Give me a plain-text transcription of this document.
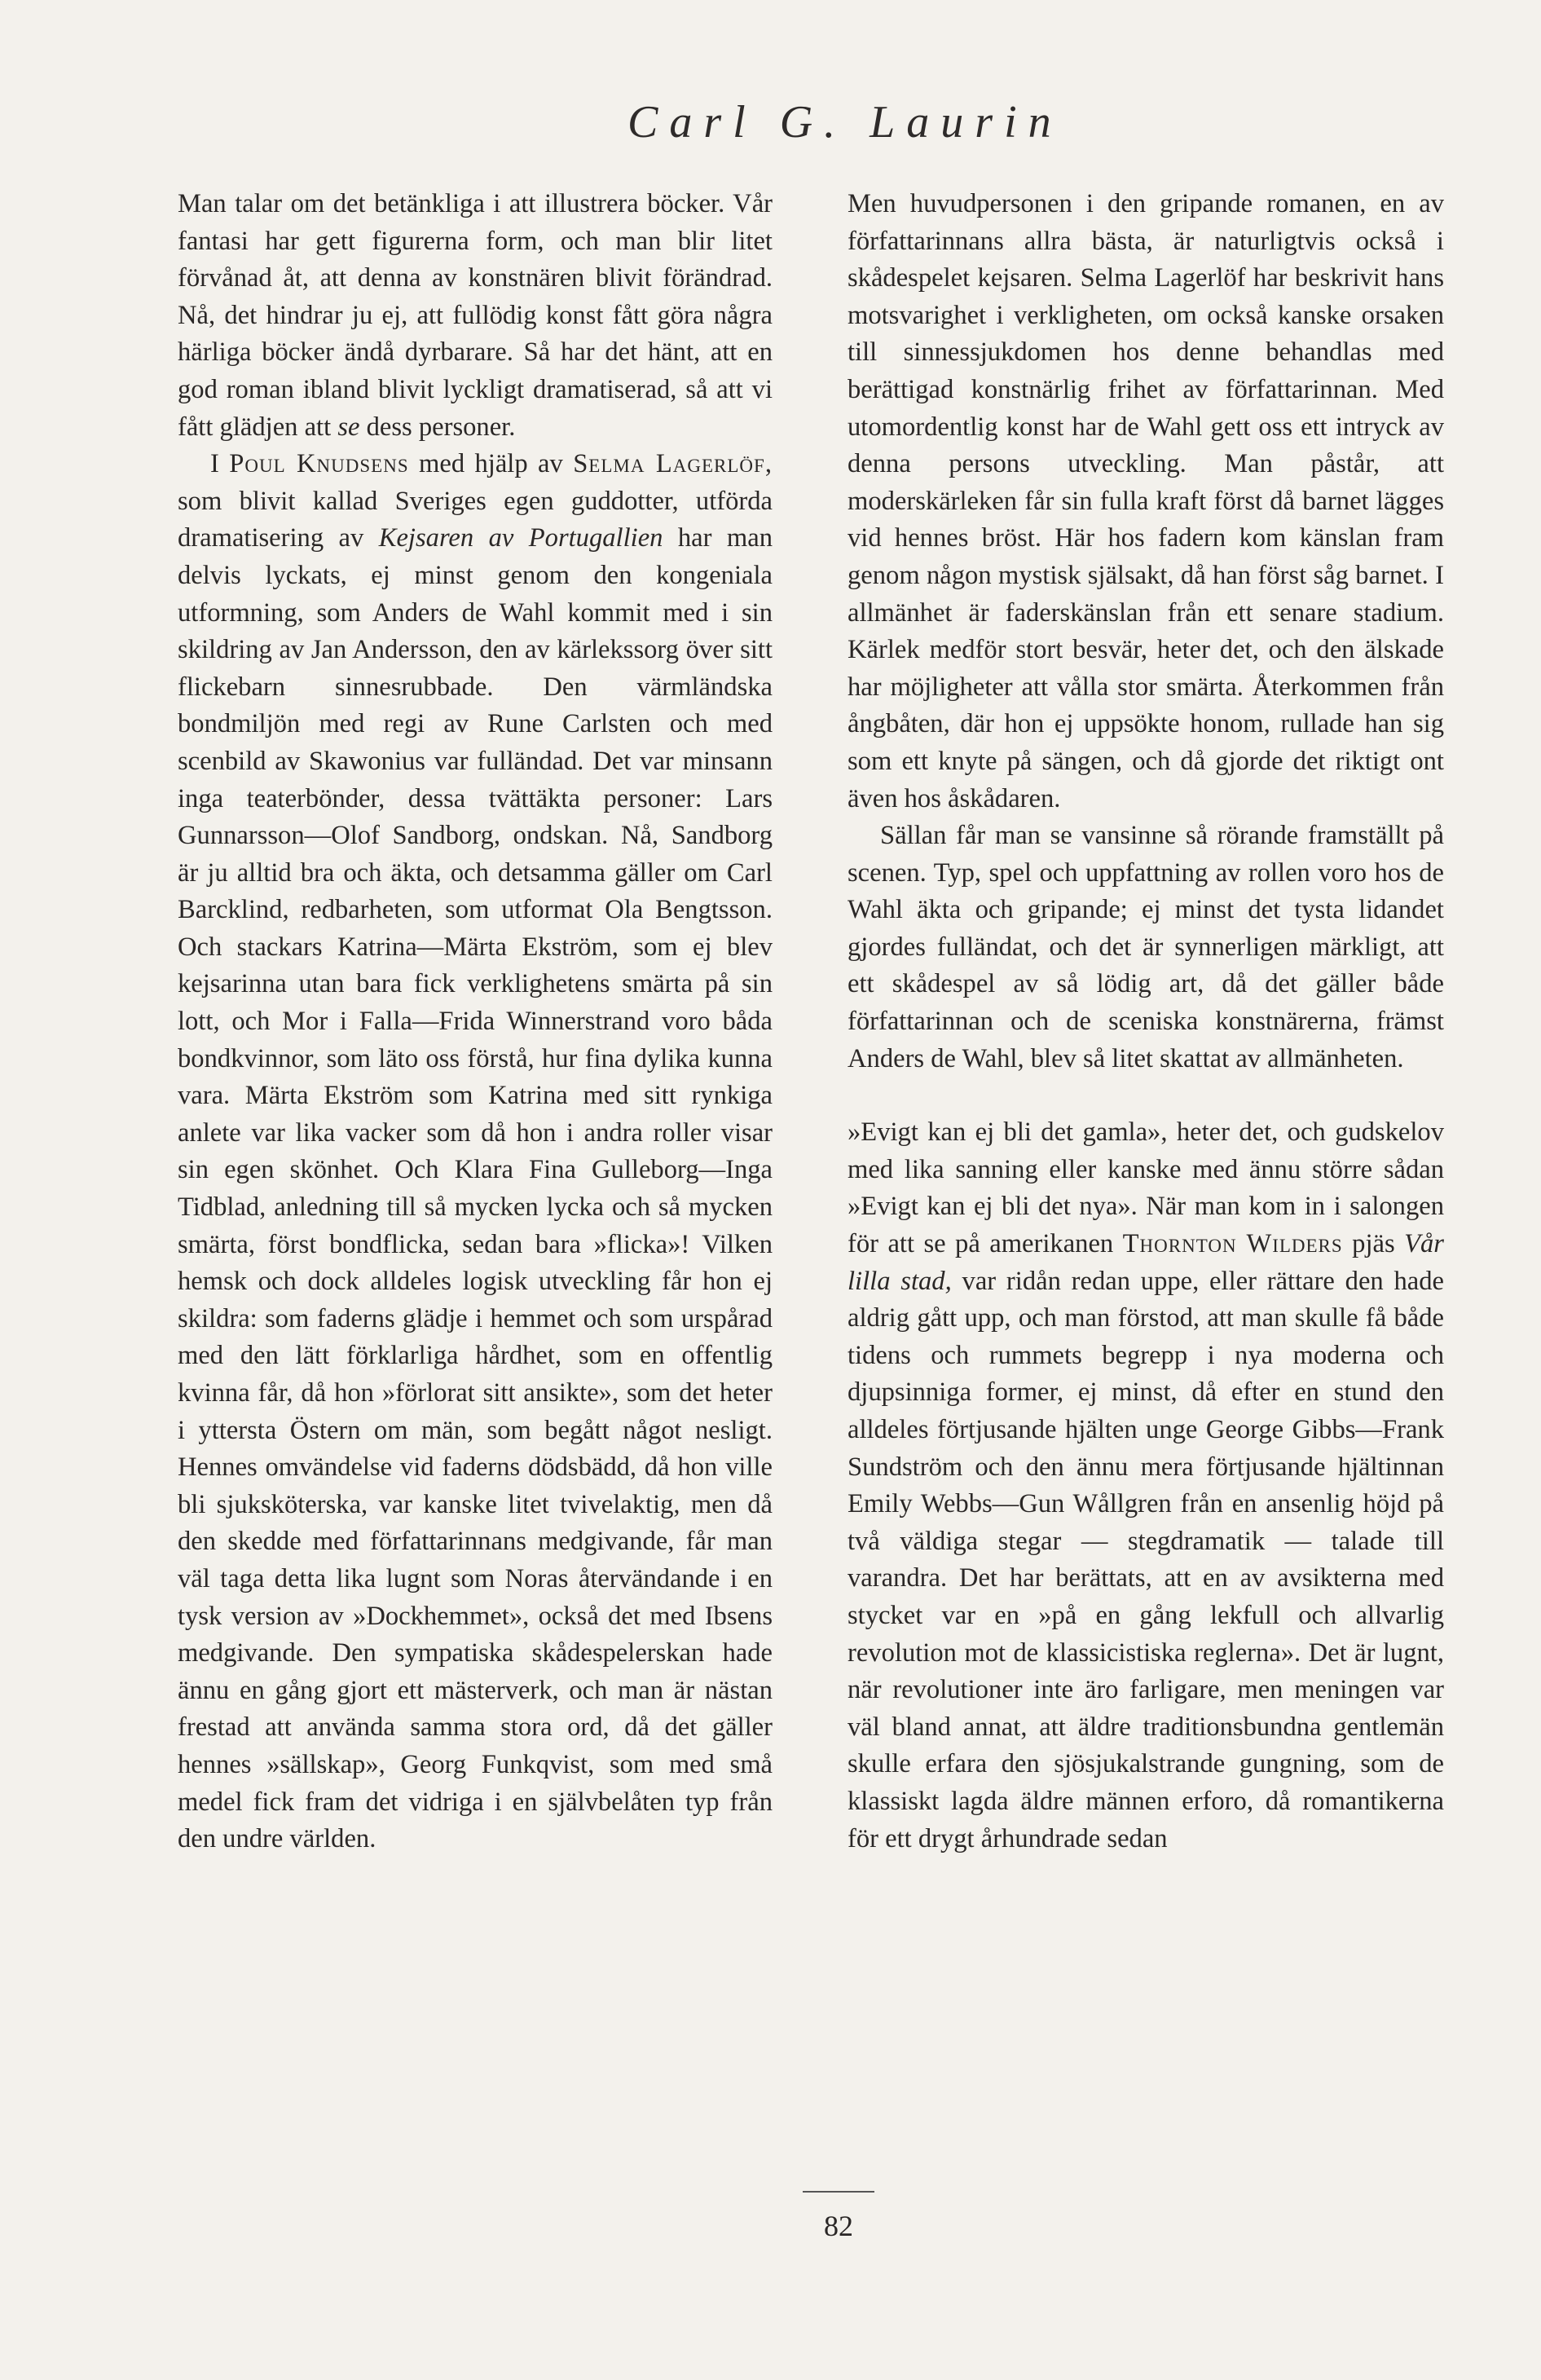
Carl G. Laurin

Man talar om det betänkliga i att illustrera böcker. Vår fantasi har gett figurerna form, och man blir litet förvånad åt, att denna av konstnären blivit förändrad. Nå, det hindrar ju ej, att fullödig konst fått göra några härliga böcker ändå dyrbarare. Så har det hänt, att en god roman ibland blivit lyckligt dramatiserad, så att vi fått glädjen att se dess personer.

I Poul Knudsens med hjälp av Selma Lagerlöf, som blivit kallad Sveriges egen guddotter, utförda dramatisering av Kejsaren av Portugallien har man delvis lyckats, ej minst genom den kongeniala utformning, som Anders de Wahl kommit med i sin skildring av Jan Andersson, den av kärlekssorg över sitt flickebarn sinnesrubbade. Den värmländska bondmiljön med regi av Rune Carlsten och med scenbild av Skawonius var fulländad. Det var minsann inga teaterbönder, dessa tvättäkta personer: Lars Gunnarsson—Olof Sandborg, ondskan. Nå, Sandborg är ju alltid bra och äkta, och detsamma gäller om Carl Barcklind, redbarheten, som utformat Ola Bengtsson. Och stackars Katrina—Märta Ekström, som ej blev kejsarinna utan bara fick verklighetens smärta på sin lott, och Mor i Falla—Frida Winnerstrand voro båda bondkvinnor, som läto oss förstå, hur fina dylika kunna vara. Märta Ekström som Katrina med sitt rynkiga anlete var lika vacker som då hon i andra roller visar sin egen skönhet. Och Klara Fina Gulleborg—Inga Tidblad, anledning till så mycken lycka och så mycken smärta, först bondflicka, sedan bara »flicka»! Vilken hemsk och dock alldeles logisk utveckling får hon ej skildra: som faderns glädje i hemmet och som urspårad med den lätt förklarliga hårdhet, som en offentlig kvinna får, då hon »förlorat sitt ansikte», som det heter i yttersta Östern om män, som begått något nesligt. Hennes omvändelse vid faderns dödsbädd, då hon ville bli sjuksköterska, var kanske litet tvivelaktig, men då den skedde med författarinnans medgivande, får man väl taga detta lika lugnt som Noras återvändande i en tysk version av »Dockhemmet», också det med Ibsens medgivande. Den sympatiska skådespelerskan hade ännu en gång gjort ett mästerverk, och man är nästan frestad att använda samma stora ord, då det gäller hennes »sällskap», Georg Funkqvist, som med små medel fick fram det vidriga i en självbelåten typ från den undre världen.

Men huvudpersonen i den gripande romanen, en av författarinnans allra bästa, är naturligtvis också i skådespelet kejsaren. Selma Lagerlöf har beskrivit hans motsvarighet i verkligheten, om också kanske orsaken till sinnessjukdomen hos denne behandlas med berättigad konstnärlig frihet av författarinnan. Med utomordentlig konst har de Wahl gett oss ett intryck av denna persons utveckling. Man påstår, att moderskärleken får sin fulla kraft först då barnet lägges vid hennes bröst. Här hos fadern kom känslan fram genom någon mystisk själsakt, då han först såg barnet. I allmänhet är faderskänslan från ett senare stadium. Kärlek medför stort besvär, heter det, och den älskade har möjligheter att vålla stor smärta. Återkommen från ångbåten, där hon ej uppsökte honom, rullade han sig som ett knyte på sängen, och då gjorde det riktigt ont även hos åskådaren.

Sällan får man se vansinne så rörande framställt på scenen. Typ, spel och uppfattning av rollen voro hos de Wahl äkta och gripande; ej minst det tysta lidandet gjordes fulländat, och det är synnerligen märkligt, att ett skådespel av så lödig art, då det gäller både författarinnan och de sceniska konstnärerna, främst Anders de Wahl, blev så litet skattat av allmänheten.

»Evigt kan ej bli det gamla», heter det, och gudskelov med lika sanning eller kanske med ännu större sådan »Evigt kan ej bli det nya». När man kom in i salongen för att se på amerikanen Thornton Wilders pjäs Vår lilla stad, var ridån redan uppe, eller rättare den hade aldrig gått upp, och man förstod, att man skulle få både tidens och rummets begrepp i nya moderna och djupsinniga former, ej minst, då efter en stund den alldeles förtjusande hjälten unge George Gibbs—Frank Sundström och den ännu mera förtjusande hjältinnan Emily Webbs—Gun Wållgren från en ansenlig höjd på två väldiga stegar — stegdramatik — talade till varandra. Det har berättats, att en av avsikterna med stycket var en »på en gång lekfull och allvarlig revolution mot de klassicistiska reglerna». Det är lugnt, när revolutioner inte äro farligare, men meningen var väl bland annat, att äldre traditionsbundna gentlemän skulle erfara den sjösjukalstrande gungning, som de klassiskt lagda äldre männen erforo, då romantikerna för ett drygt århundrade sedan

82
